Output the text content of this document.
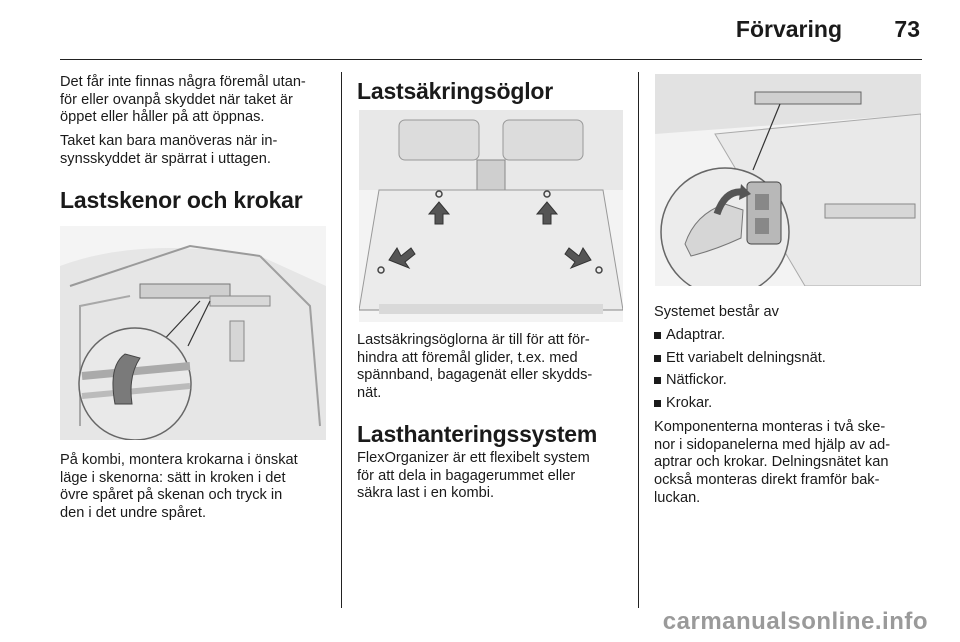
Förvaring 73

Det får inte finnas några föremål utan-
för eller ovanpå skyddet när taket är
öppet eller håller på att öppnas.

Taket kan bara manöveras när in-
synsskyddet är spärrat i uttagen.

Lastskenor och krokar

På kombi, montera krokarna i önskat
läge i skenorna: sätt in kroken i det
övre spåret på skenan och tryck in
den i det undre spåret.

Lastsäkringsöglor

Lastsäkringsöglorna är till för att för-
hindra att föremål glider, t.ex. med
spännband, bagagenät eller skydds-
nät.

Lasthanteringssystem

FlexOrganizer är ett flexibelt system
för att dela in bagagerummet eller
säkra last i en kombi.

Systemet består av

Adaptrar.
Ett variabelt delningsnät.
Nätfickor.
Krokar.

Komponenterna monteras i två ske-
nor i sidopanelerna med hjälp av ad-
aptrar och krokar. Delningsnätet kan
också monteras direkt framför bak-
luckan.

carmanualsonline.info
